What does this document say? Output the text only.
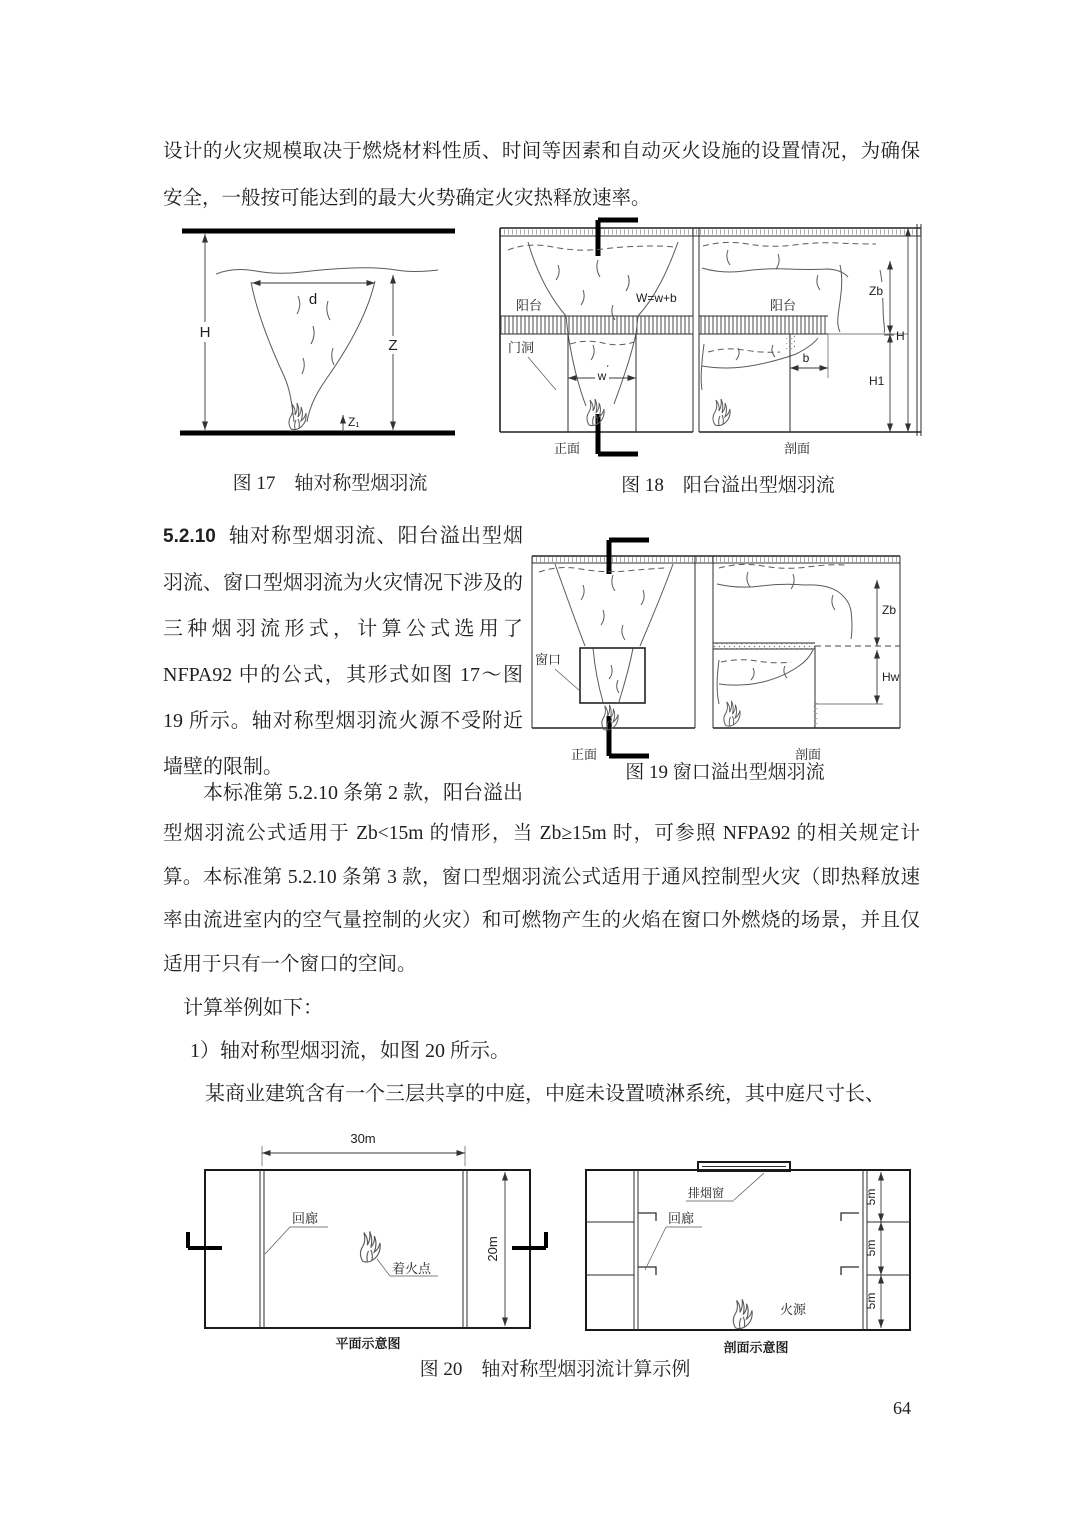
设计的火灾规模取决于燃烧材料性质、时间等因素和自动灭火设施的设置情况，为确保安全，一般按可能达到的最大火势确定火灾热释放速率。

H
d
Z
Z₁
图 17　轴对称型烟羽流
阳台	W=w+b
门洞
w
正面
阳台
b
Zb
H1
H
剖面
图 18　阳台溢出型烟羽流

5.2.10 轴对称型烟羽流、阳台溢出型烟羽流、窗口型烟羽流为火灾情况下涉及的三种烟羽流形式，计算公式选用了NFPA92 中的公式，其形式如图 17～图 19 所示。轴对称型烟羽流火源不受附近墙壁的限制。

窗口
正面
Zb
Hw
剖面
图 19 窗口溢出型烟羽流

本标准第 5.2.10 条第 2 款，阳台溢出

型烟羽流公式适用于 Zb<15m 的情形，当 Zb≥15m 时，可参照 NFPA92 的相关规定计算。本标准第 5.2.10 条第 3 款，窗口型烟羽流公式适用于通风控制型火灾（即热释放速率由流进室内的空气量控制的火灾）和可燃物产生的火焰在窗口外燃烧的场景，并且仅适用于只有一个窗口的空间。

计算举例如下：

1）轴对称型烟羽流，如图 20 所示。

某商业建筑含有一个三层共享的中庭，中庭未设置喷淋系统，其中庭尺寸长、

30m
20m
回廊
着火点
平面示意图
排烟窗
回廊
5m
5m
5m
火源
剖面示意图
图 20　轴对称型烟羽流计算示例
64
